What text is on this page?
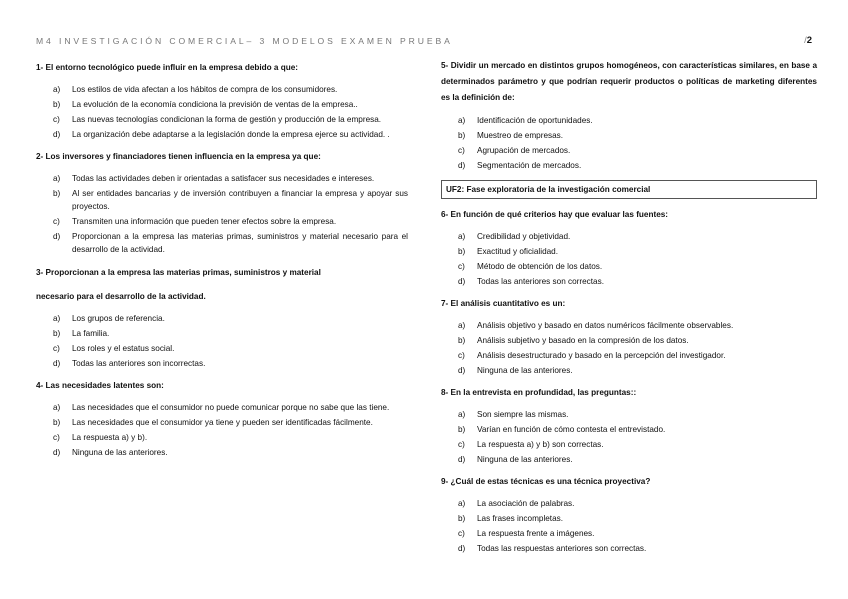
M4 INVESTIGACIÓN COMERCIAL– 3 MODELOS EXAMEN PRUEBA	/2

1- El entorno tecnológico puede influir en la empresa debido a que:

a) Los estilos de vida afectan a los hábitos de compra de los consumidores.
b) La evolución de la economía condiciona la previsión de ventas de la empresa..
c) Las nuevas tecnologías condicionan la forma de gestión y producción de la empresa.
d) La organización debe adaptarse a la legislación donde la empresa ejerce su actividad. .

2- Los inversores y financiadores tienen influencia en la empresa ya que:

a) Todas las actividades deben ir orientadas a satisfacer sus necesidades e intereses.
b) Al ser entidades bancarias y de inversión contribuyen a financiar la empresa y apoyar sus proyectos.
c) Transmiten una información que pueden tener efectos sobre la empresa.
d) Proporcionan a la empresa las materias primas, suministros y material necesario para el desarrollo de la actividad.

3- Proporcionan a la empresa las materias primas, suministros y material

necesario para el desarrollo de la actividad.

a) Los grupos de referencia.
b) La familia.
c) Los roles y el estatus social.
d) Todas las anteriores son incorrectas.

4- Las necesidades latentes son:

a) Las necesidades que el consumidor no puede comunicar porque no sabe que las tiene.
b) Las necesidades que el consumidor ya tiene y pueden ser identificadas fácilmente.
c) La respuesta a) y b).
d) Ninguna de las anteriores.

5- Dividir un mercado en distintos grupos homogéneos, con características similares, en base a determinados parámetro y que podrían requerir productos o políticas de marketing diferentes es la definición de:

a) Identificación de oportunidades.
b) Muestreo de empresas.
c) Agrupación de mercados.
d) Segmentación de mercados.
UF2: Fase exploratoria de la investigación comercial

6- En función de qué criterios hay que evaluar las fuentes:

a) Credibilidad y objetividad.
b) Exactitud y oficialidad.
c) Método de obtención de los datos.
d) Todas las anteriores son correctas.

7- El análisis cuantitativo es un:

a) Análisis objetivo y basado en datos numéricos fácilmente observables.
b) Análisis subjetivo y basado en la compresión de los datos.
c) Análisis desestructurado y basado en la percepción del investigador.
d) Ninguna de las anteriores.

8- En la entrevista en profundidad, las preguntas::

a) Son siempre las mismas.
b) Varían en función de cómo contesta el entrevistado.
c) La respuesta a) y b) son correctas.
d) Ninguna de las anteriores.

9- ¿Cuál de estas técnicas es una técnica proyectiva?

a) La asociación de palabras.
b) Las frases incompletas.
c) La respuesta frente a imágenes.
d) Todas las respuestas anteriores son correctas.
